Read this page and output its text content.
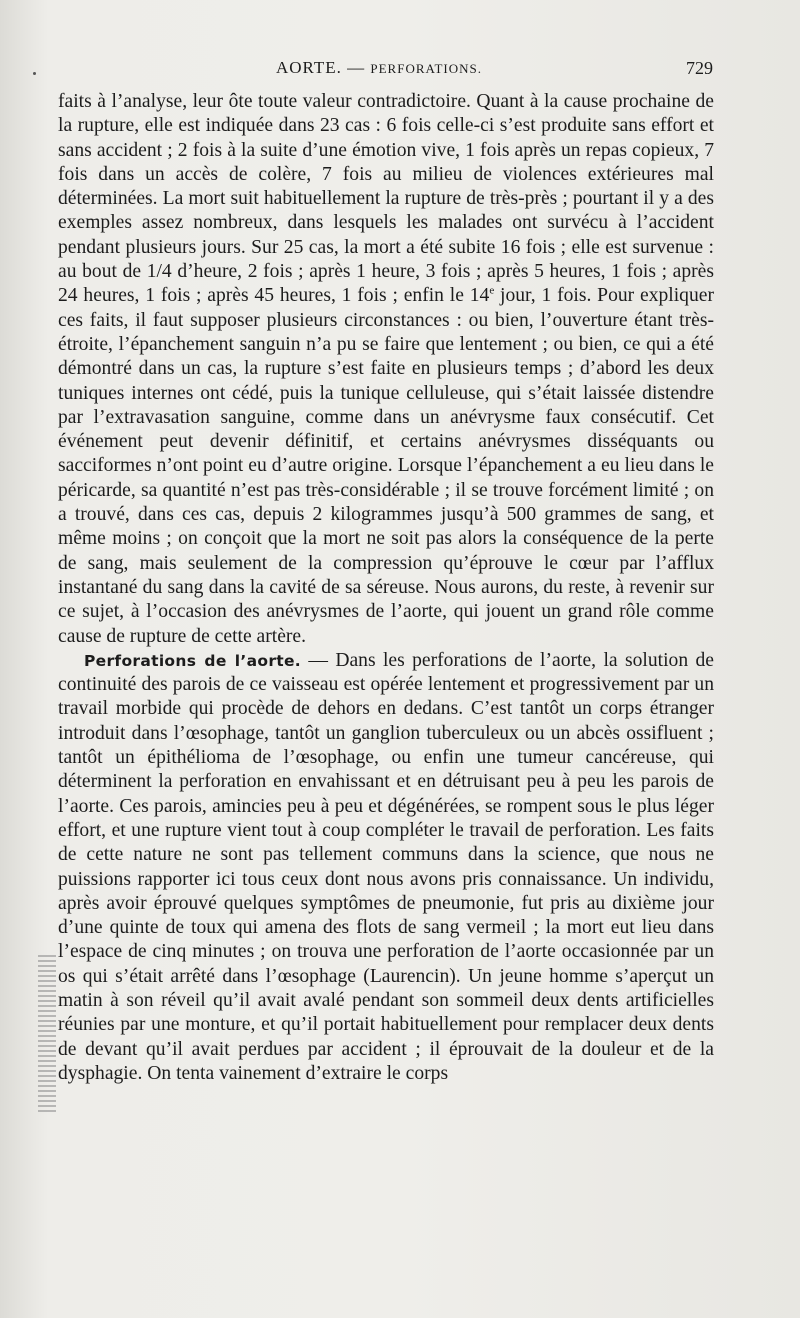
AORTE. — PERFORATIONS.	729

faits à l’analyse, leur ôte toute valeur contradictoire. Quant à la cause prochaine de la rupture, elle est indiquée dans 23 cas : 6 fois celle-ci s’est produite sans effort et sans accident ; 2 fois à la suite d’une émotion vive, 1 fois après un repas copieux, 7 fois dans un accès de colère, 7 fois au milieu de violences extérieures mal déterminées. La mort suit habituellement la rupture de très-près ; pourtant il y a des exemples assez nombreux, dans lesquels les malades ont survécu à l’accident pendant plusieurs jours. Sur 25 cas, la mort a été subite 16 fois ; elle est survenue : au bout de 1/4 d’heure, 2 fois ; après 1 heure, 3 fois ; après 5 heures, 1 fois ; après 24 heures, 1 fois ; après 45 heures, 1 fois ; enfin le 14e jour, 1 fois. Pour expliquer ces faits, il faut supposer plusieurs circonstances : ou bien, l’ouverture étant très-étroite, l’épanchement sanguin n’a pu se faire que lentement ; ou bien, ce qui a été démontré dans un cas, la rupture s’est faite en plusieurs temps ; d’abord les deux tuniques internes ont cédé, puis la tunique celluleuse, qui s’était laissée distendre par l’extravasation sanguine, comme dans un anévrysme faux consécutif. Cet événement peut devenir définitif, et certains anévrysmes disséquants ou sacciformes n’ont point eu d’autre origine. Lorsque l’épanchement a eu lieu dans le péricarde, sa quantité n’est pas très-considérable ; il se trouve forcément limité ; on a trouvé, dans ces cas, depuis 2 kilogrammes jusqu’à 500 grammes de sang, et même moins ; on conçoit que la mort ne soit pas alors la conséquence de la perte de sang, mais seulement de la compression qu’éprouve le cœur par l’afflux instantané du sang dans la cavité de sa séreuse. Nous aurons, du reste, à revenir sur ce sujet, à l’occasion des anévrysmes de l’aorte, qui jouent un grand rôle comme cause de rupture de cette artère.

Perforations de l’aorte. — Dans les perforations de l’aorte, la solution de continuité des parois de ce vaisseau est opérée lentement et progressivement par un travail morbide qui procède de dehors en dedans. C’est tantôt un corps étranger introduit dans l’œsophage, tantôt un ganglion tuberculeux ou un abcès ossifluent ; tantôt un épithélioma de l’œsophage, ou enfin une tumeur cancéreuse, qui déterminent la perforation en envahissant et en détruisant peu à peu les parois de l’aorte. Ces parois, amincies peu à peu et dégénérées, se rompent sous le plus léger effort, et une rupture vient tout à coup compléter le travail de perforation. Les faits de cette nature ne sont pas tellement communs dans la science, que nous ne puissions rapporter ici tous ceux dont nous avons pris connaissance. Un individu, après avoir éprouvé quelques symptômes de pneumonie, fut pris au dixième jour d’une quinte de toux qui amena des flots de sang vermeil ; la mort eut lieu dans l’espace de cinq minutes ; on trouva une perforation de l’aorte occasionnée par un os qui s’était arrêté dans l’œsophage (Laurencin). Un jeune homme s’aperçut un matin à son réveil qu’il avait avalé pendant son sommeil deux dents artificielles réunies par une monture, et qu’il portait habituellement pour remplacer deux dents de devant qu’il avait perdues par accident ; il éprouvait de la douleur et de la dysphagie. On tenta vainement d’extraire le corps
